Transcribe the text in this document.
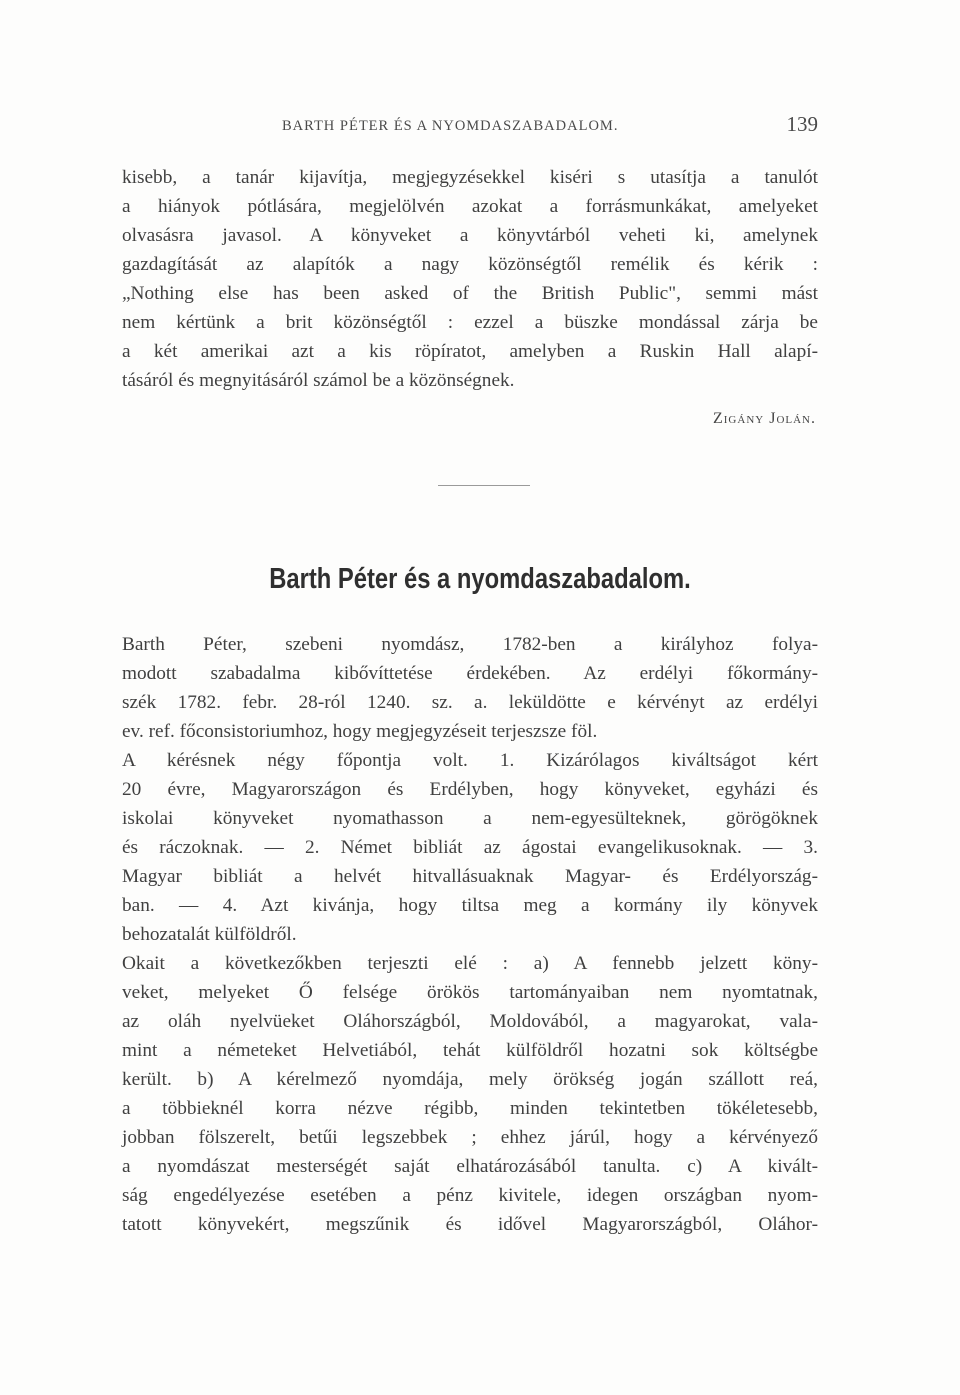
BARTH PÉTER ÉS A NYOMDASZABADALOM.	139
kisebb, a tanár kijavítja, megjegyzésekkel kiséri s utasítja a tanulót
a hiányok pótlására, megjelölvén azokat a forrásmunkákat, amelyeket
olvasásra javasol. A könyveket a könyvtárból veheti ki, amelynek
gazdagítását az alapítók a nagy közönségtől remélik és kérik :
„Nothing else has been asked of the British Public", semmi mást
nem kértünk a brit közönségtől : ezzel a büszke mondással zárja be
a két amerikai azt a kis röpíratot, amelyben a Ruskin Hall alapí-
tásáról és megnyitásáról számol be a közönségnek.
Zigány Jolán.
Barth Péter és a nyomdaszabadalom.
Barth Péter, szebeni nyomdász, 1782-ben a királyhoz folya-
modott szabadalma kibővíttetése érdekében. Az erdélyi főkormány-
szék 1782. febr. 28-ról 1240. sz. a. leküldötte e kérvényt az erdélyi
ev. ref. főconsistoriumhoz, hogy megjegyzéseit terjeszsze föl.
A kérésnek négy főpontja volt. 1. Kizárólagos kiváltságot kért
20 évre, Magyarországon és Erdélyben, hogy könyveket, egyházi és
iskolai könyveket nyomathasson a nem-egyesülteknek, görögöknek
és ráczoknak. — 2. Német bibliát az ágostai evangelikusoknak. — 3.
Magyar bibliát a helvét hitvallásuaknak Magyar- és Erdélyország-
ban. — 4. Azt kivánja, hogy tiltsa meg a kormány ily könyvek
behozatalát külföldről.
Okait a következőkben terjeszti elé : a) A fennebb jelzett köny-
veket, melyeket Ő felsége örökös tartományaiban nem nyomtatnak,
az oláh nyelvüeket Oláhországból, Moldovából, a magyarokat, vala-
mint a németeket Helvetiából, tehát külföldről hozatni sok költségbe
került. b) A kérelmező nyomdája, mely örökség jogán szállott reá,
a többieknél korra nézve régibb, minden tekintetben tökéletesebb,
jobban fölszerelt, betűi legszebbek ; ehhez járúl, hogy a kérvényező
a nyomdászat mesterségét saját elhatározásából tanulta. c) A kivált-
ság engedélyezése esetében a pénz kivitele, idegen országban nyom-
tatott könyvekért, megszűnik és idővel Magyarországból, Oláhor-
